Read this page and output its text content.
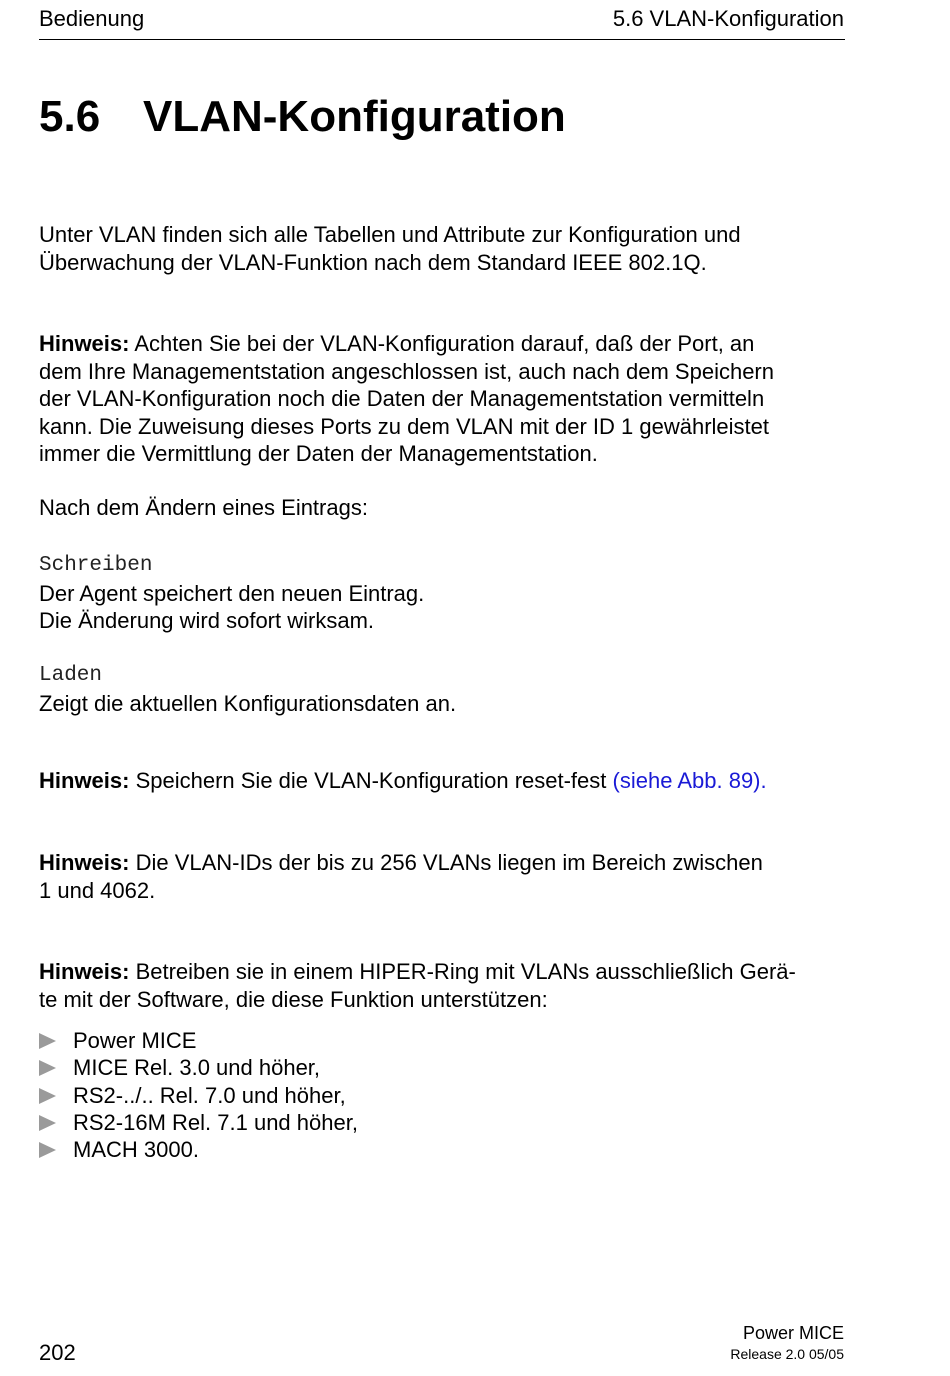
Bedienung	5.6 VLAN-Konfiguration
5.6 VLAN-Konfiguration

Unter VLAN finden sich alle Tabellen und Attribute zur Konfiguration und
Überwachung der VLAN-Funktion nach dem Standard IEEE 802.1Q.

Hinweis: Achten Sie bei der VLAN-Konfiguration darauf, daß der Port, an
dem Ihre Managementstation angeschlossen ist, auch nach dem Speichern
der VLAN-Konfiguration noch die Daten der Managementstation vermitteln
kann. Die Zuweisung dieses Ports zu dem VLAN mit der ID 1 gewährleistet
immer die Vermittlung der Daten der Managementstation.

Nach dem Ändern eines Eintrags:

Schreiben
Der Agent speichert den neuen Eintrag.
Die Änderung wird sofort wirksam.

Laden
Zeigt die aktuellen Konfigurationsdaten an.

Hinweis: Speichern Sie die VLAN-Konfiguration reset-fest (siehe Abb. 89).

Hinweis: Die VLAN-IDs der bis zu 256 VLANs liegen im Bereich zwischen
1 und 4062.

Hinweis: Betreiben sie in einem HIPER-Ring mit VLANs ausschließlich Gerä-
te mit der Software, die diese Funktion unterstützen:

Power MICE
MICE Rel. 3.0 und höher,
RS2-../.. Rel. 7.0 und höher,
RS2-16M Rel. 7.1 und höher,
MACH 3000.
202
Power MICE
Release 2.0 05/05
